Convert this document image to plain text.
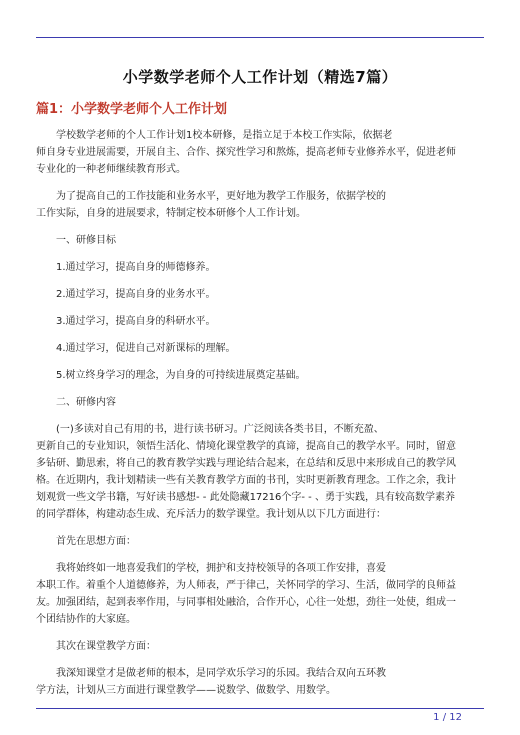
小学数学老师个人工作计划（精选7篇）
篇1：小学数学老师个人工作计划

学校数学老师的个人工作计划1校本研修，是指立足于本校工作实际，依据老
师自身专业进展需要，开展自主、合作、探究性学习和熬炼，提高老师专业修养水平，促进老师
专业化的一种老师继续教育形式。

为了提高自己的工作技能和业务水平，更好地为教学工作服务，依据学校的
工作实际，自身的进展要求，特制定校本研修个人工作计划。

一、研修目标

1.通过学习，提高自身的师德修养。

2.通过学习，提高自身的业务水平。

3.通过学习，提高自身的科研水平。

4.通过学习，促进自己对新课标的理解。

5.树立终身学习的理念，为自身的可持续进展奠定基础。

二、研修内容

(一)多读对自己有用的书，进行读书研习。广泛阅读各类书目，不断充盈、
更新自己的专业知识，领悟生活化、情境化课堂教学的真谛，提高自己的教学水平。同时，留意
多钻研、勤思索，将自己的教育教学实践与理论结合起来，在总结和反思中来形成自己的教学风
格。在近期内，我计划精读一些有关教育教学方面的书刊，实时更新教育理念。工作之余，我计
划观赏一些文学书籍，写好读书感想- - 此处隐藏17216个字- - 、勇于实践，具有较高数学素养
的同学群体，构建动态生成、充斥活力的数学课堂。我计划从以下几方面进行：

首先在思想方面：

我将始终如一地喜爱我们的学校，拥护和支持校领导的各项工作安排，喜爱
本职工作。着重个人道德修养，为人师表，严于律己，关怀同学的学习、生活，做同学的良师益
友。加强团结，起到表率作用，与同事相处融洽，合作开心，心往一处想，劲往一处使，组成一
个团结协作的大家庭。

其次在课堂教学方面：

我深知课堂才是做老师的根本，是同学欢乐学习的乐园。我结合双向五环教
学方法，计划从三方面进行课堂教学——说数学、做数学、用数学。

1 / 12
